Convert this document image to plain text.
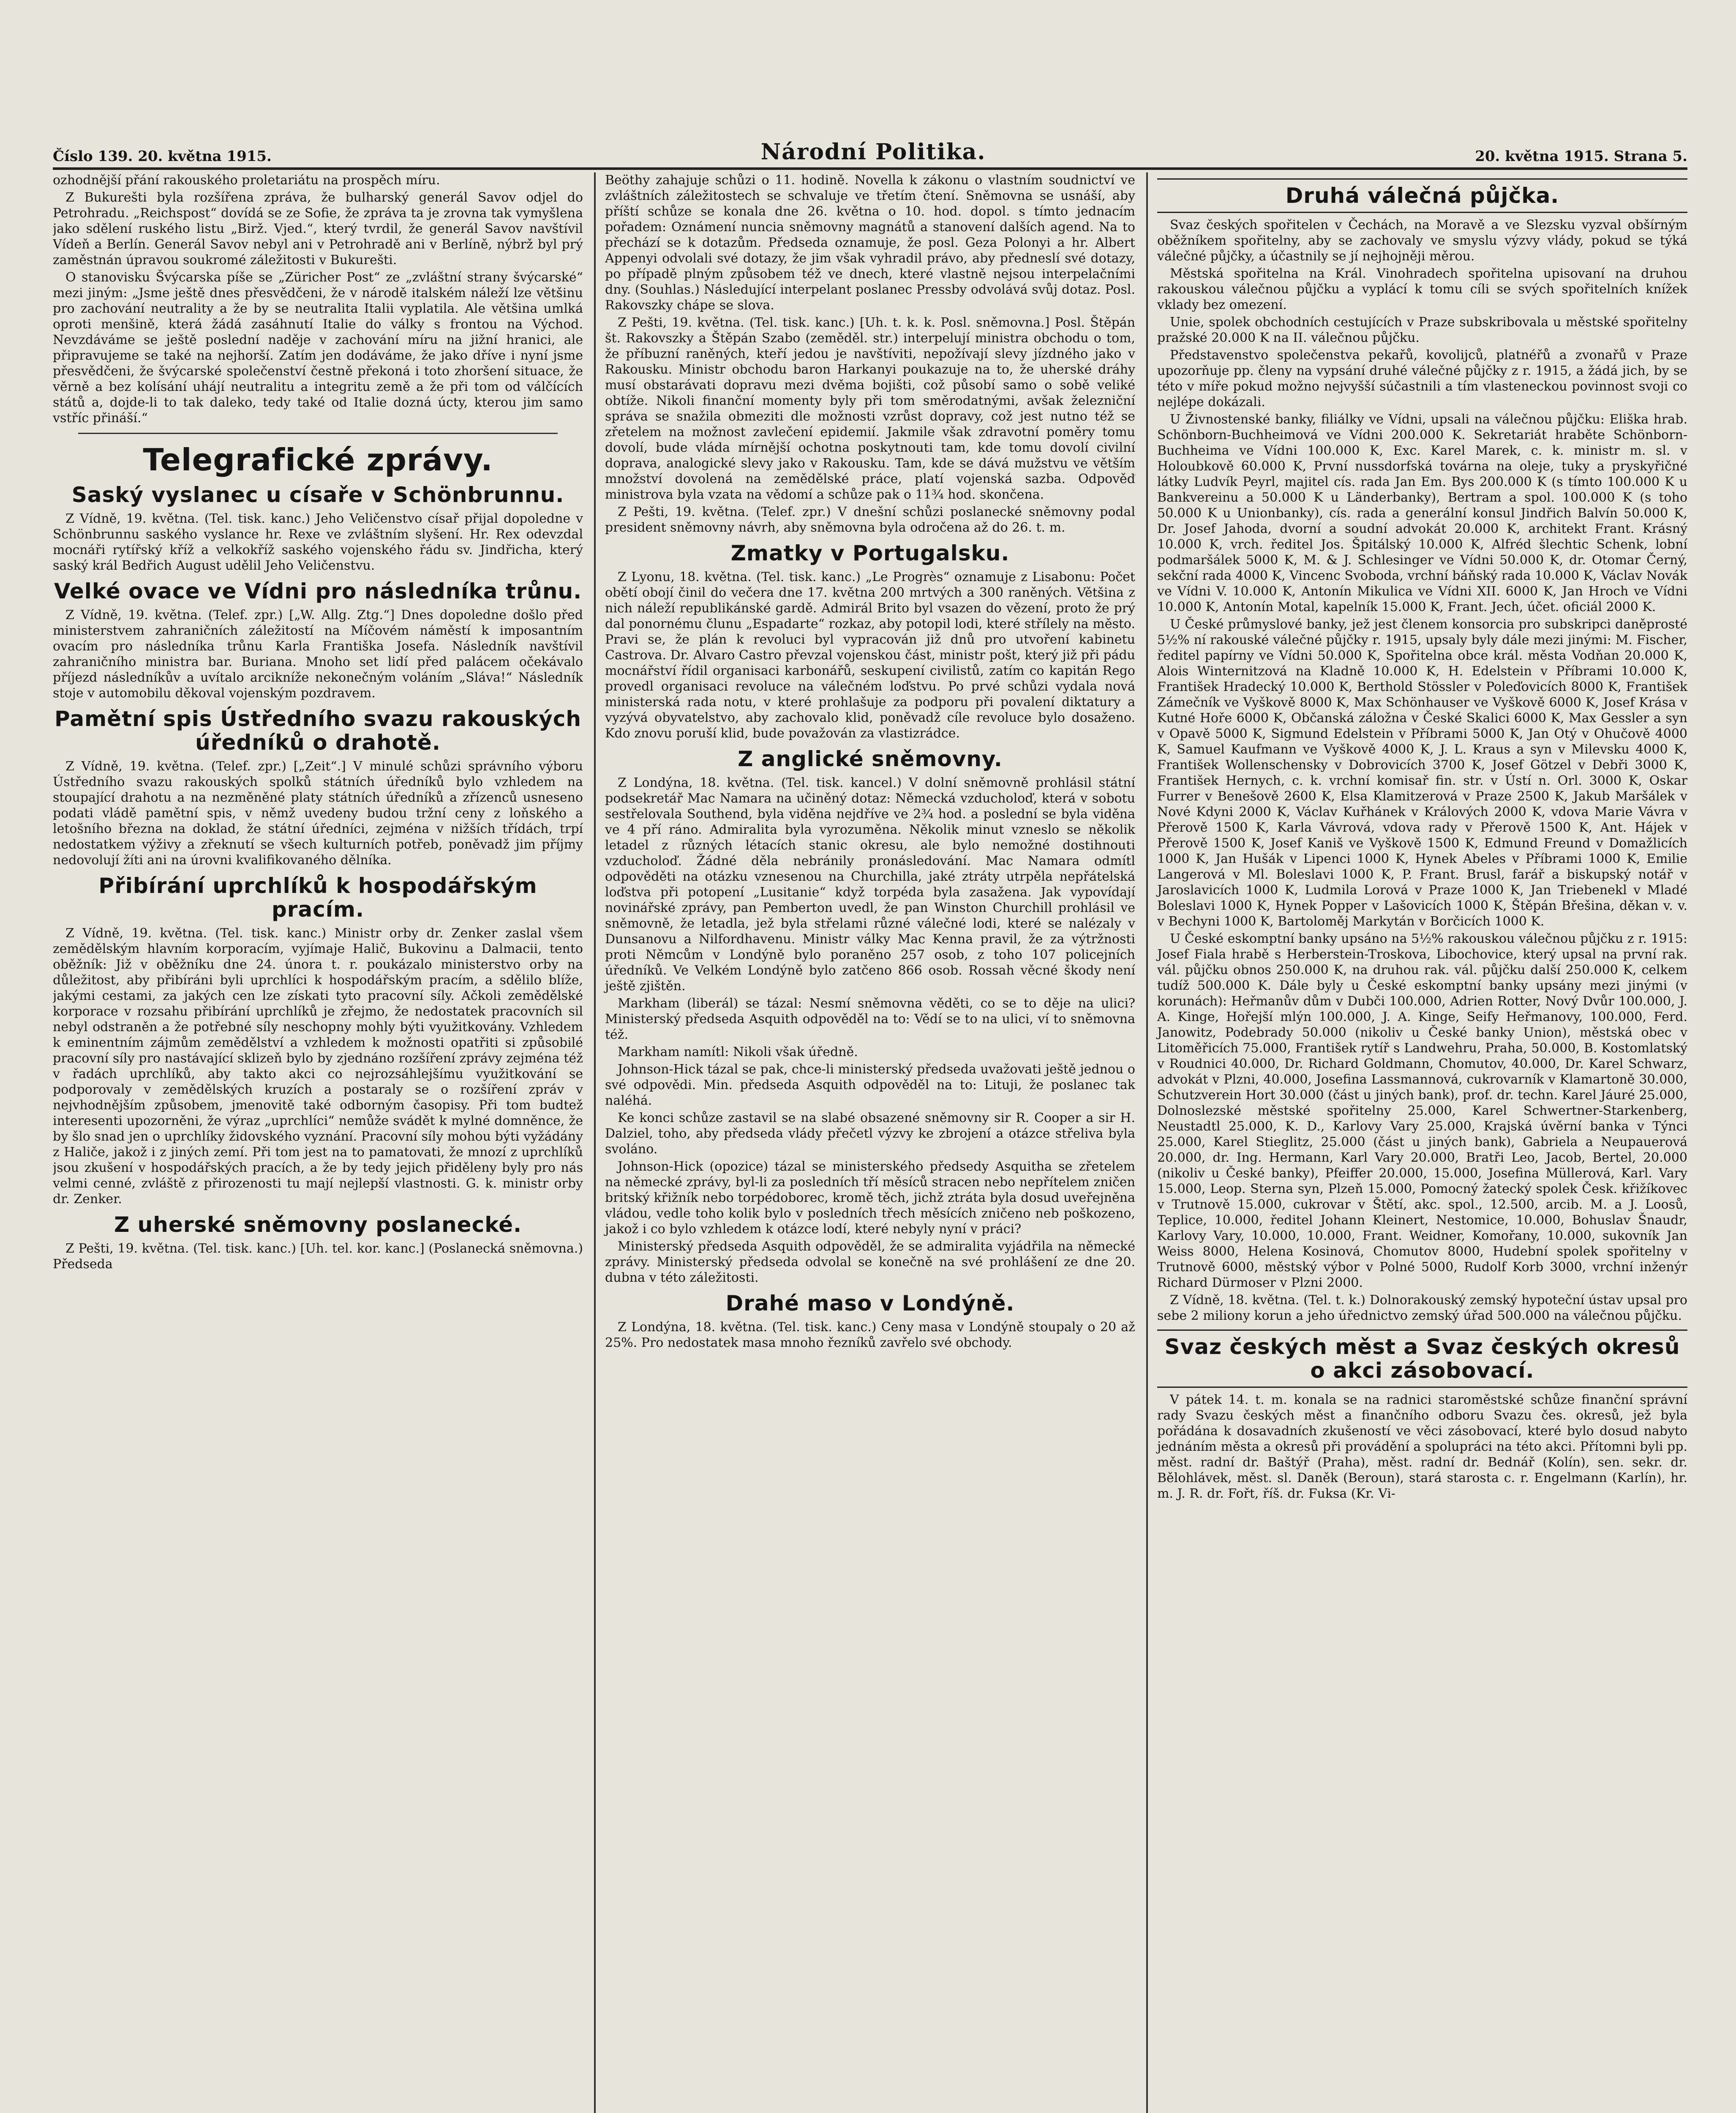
Číslo 139. 20. května 1915.	Národní Politika.	20. května 1915. Strana 5.

ozhodnější přání rakouského proletariátu na prospěch míru.

Z Bukurešti byla rozšířena zpráva, že bulharský generál Savov odjel do Petrohradu. „Reichspost“ dovídá se ze Sofie, že zpráva ta je zrovna tak vymyšlena jako sdělení ruského listu „Birž. Vjed.“, který tvrdil, že generál Savov navštívil Vídeň a Berlín. Generál Savov nebyl ani v Petrohradě ani v Berlíně, nýbrž byl prý zaměstnán úpravou soukromé záležitosti v Bukurešti.

O stanovisku Švýcarska píše se „Züricher Post“ ze „zvláštní strany švýcarské“ mezi jiným: „Jsme ještě dnes přesvědčeni, že v národě italském náleží lze většinu pro zachování neutrality a že by se neutralita Italii vyplatila. Ale většina umlká oproti menšině, která žádá zasáhnutí Italie do války s frontou na Východ. Nevzdáváme se ještě poslední naděje v zachování míru na jižní hranici, ale připravujeme se také na nejhorší. Zatím jen dodáváme, že jako dříve i nyní jsme přesvědčeni, že švýcarské společenství čestně překoná i toto zhoršení situace, že věrně a bez kolísání uhájí neutralitu a integritu země a že při tom od válčících států a, dojde-li to tak daleko, tedy také od Italie dozná úcty, kterou jim samo vstříc přináší.“

Telegrafické zprávy.
Saský vyslanec u císaře v Schönbrunnu.

Z Vídně, 19. května. (Tel. tisk. kanc.) Jeho Veličenstvo císař přijal dopoledne v Schönbrunnu saského vyslance hr. Rexe ve zvláštním slyšení. Hr. Rex odevzdal mocnáři rytířský kříž a velkokříž saského vojenského řádu sv. Jindřicha, který saský král Bedřich August udělil Jeho Veličenstvu.

Velké ovace ve Vídni pro následníka trůnu.

Z Vídně, 19. května. (Telef. zpr.) [„W. Allg. Ztg.“] Dnes dopoledne došlo před ministerstvem zahraničních záležitostí na Míčovém náměstí k imposantním ovacím pro následníka trůnu Karla Františka Josefa. Následník navštívil zahraničního ministra bar. Buriana. Mnoho set lidí před palácem očekávalo příjezd následníkův a uvítalo arcikníže nekonečným voláním „Sláva!“ Následník stoje v automobilu děkoval vojenským pozdravem.

Pamětní spis Ústředního svazu rakouských úředníků o drahotě.

Z Vídně, 19. května. (Telef. zpr.) [„Zeit“.] V minulé schůzi správního výboru Ústředního svazu rakouských spolků státních úředníků bylo vzhledem na stoupající drahotu a na nezměněné platy státních úředníků a zřízenců usneseno podati vládě pamětní spis, v němž uvedeny budou tržní ceny z loňského a letošního března na doklad, že státní úředníci, zejména v nižších třídách, trpí nedostatkem výživy a zřeknutí se všech kulturních potřeb, poněvadž jim příjmy nedovolují žíti ani na úrovni kvalifikovaného dělníka.

Přibírání uprchlíků k hospodářským pracím.

Z Vídně, 19. května. (Tel. tisk. kanc.) Ministr orby dr. Zenker zaslal všem zemědělským hlavním korporacím, vyjímaje Halič, Bukovinu a Dalmacii, tento oběžník: Již v oběžníku dne 24. února t. r. poukázalo ministerstvo orby na důležitost, aby přibíráni byli uprchlíci k hospodářským pracím, a sdělilo blíže, jakými cestami, za jakých cen lze získati tyto pracovní síly. Ačkoli zemědělské korporace v rozsahu přibírání uprchlíků je zřejmo, že nedostatek pracovních sil nebyl odstraněn a že potřebné síly neschopny mohly býti využitkovány. Vzhledem k eminentním zájmům zemědělství a vzhledem k možnosti opatřiti si způsobilé pracovní síly pro nastávající sklizeň bylo by zjednáno rozšíření zprávy zejména též v řadách uprchlíků, aby takto akci co nejrozsáhlejšímu využitkování se podporovaly v zemědělských kruzích a postaraly se o rozšíření zpráv v nejvhodnějším způsobem, jmenovitě také odborným časopisy. Při tom budtež interesenti upozorněni, že výraz „uprchlíci“ nemůže svádět k mylné domněnce, že by šlo snad jen o uprchlíky židovského vyznání. Pracovní síly mohou býti vyžádány z Haliče, jakož i z jiných zemí. Při tom jest na to pamatovati, že mnozí z uprchlíků jsou zkušení v hospodářských pracích, a že by tedy jejich přiděleny byly pro nás velmi cenné, zvláště z přirozenosti tu mají nejlepší vlastnosti. G. k. ministr orby dr. Zenker.

Z uherské sněmovny poslanecké.

Z Pešti, 19. května. (Tel. tisk. kanc.) [Uh. tel. kor. kanc.] (Poslanecká sněmovna.) Předseda

Beöthy zahajuje schůzi o 11. hodině. Novella k zákonu o vlastním soudnictví ve zvláštních záležitostech se schvaluje ve třetím čtení. Sněmovna se usnáší, aby příští schůze se konala dne 26. května o 10. hod. dopol. s tímto jednacím pořadem: Oznámení nuncia sněmovny magnátů a stanovení dalších agend. Na to přechází se k dotazům. Předseda oznamuje, že posl. Geza Polonyi a hr. Albert Appenyi odvolali své dotazy, že jim však vyhradil právo, aby předneslí své dotazy, po případě plným způsobem též ve dnech, které vlastně nejsou interpelačními dny. (Souhlas.) Následující interpelant poslanec Pressby odvolává svůj dotaz. Posl. Rakovszky chápe se slova.

Z Pešti, 19. května. (Tel. tisk. kanc.) [Uh. t. k. k. Posl. sněmovna.] Posl. Štěpán št. Rakovszky a Štěpán Szabo (zeměděl. str.) interpelují ministra obchodu o tom, že příbuzní raněných, kteří jedou je navštíviti, nepožívají slevy jízdného jako v Rakousku. Ministr obchodu baron Harkanyi poukazuje na to, že uherské dráhy musí obstarávati dopravu mezi dvěma bojišti, což působí samo o sobě veliké obtíže. Nikoli finanční momenty byly při tom směrodatnými, avšak železniční správa se snažila obmeziti dle možnosti vzrůst dopravy, což jest nutno též se zřetelem na možnost zavlečení epidemií. Jakmile však zdravotní poměry tomu dovolí, bude vláda mírnější ochotna poskytnouti tam, kde tomu dovolí civilní doprava, analogické slevy jako v Rakousku. Tam, kde se dává mužstvu ve větším množství dovolená na zemědělské práce, platí vojenská sazba. Odpověď ministrova byla vzata na vědomí a schůze pak o 11¾ hod. skončena.

Z Pešti, 19. května. (Telef. zpr.) V dnešní schůzi poslanecké sněmovny podal president sněmovny návrh, aby sněmovna byla odročena až do 26. t. m.

Zmatky v Portugalsku.

Z Lyonu, 18. května. (Tel. tisk. kanc.) „Le Progrès“ oznamuje z Lisabonu: Počet obětí obojí činil do večera dne 17. května 200 mrtvých a 300 raněných. Většina z nich náleží republikánské gardě. Admirál Brito byl vsazen do vězení, proto že prý dal ponornému člunu „Espadarte“ rozkaz, aby potopil lodi, které střílely na město. Pravi se, že plán k revoluci byl vypracován již dnů pro utvoření kabinetu Castrova. Dr. Alvaro Castro převzal vojenskou část, ministr pošt, který již při pádu mocnářství řídil organisaci karbonářů, seskupení civilistů, zatím co kapitán Rego provedl organisaci revoluce na válečném loďstvu. Po prvé schůzi vydala nová ministerská rada notu, v které prohlašuje za podporu při povalení diktatury a vyzývá obyvatelstvo, aby zachovalo klid, poněvadž cíle revoluce bylo dosaženo. Kdo znovu poruší klid, bude považován za vlastizrádce.

Z anglické sněmovny.

Z Londýna, 18. května. (Tel. tisk. kancel.) V dolní sněmovně prohlásil státní podsekretář Mac Namara na učiněný dotaz: Německá vzducholoď, která v sobotu sestřelovala Southend, byla viděna nejdříve ve 2¾ hod. a poslední se byla viděna ve 4 pří ráno. Admiralita byla vyrozuměna. Několik minut vzneslo se několik letadel z různých létacích stanic okresu, ale bylo nemožné dostihnouti vzducholoď. Žádné děla nebránily pronásledování. Mac Namara odmítl odpověděti na otázku vznesenou na Churchilla, jaké ztráty utrpěla nepřátelská loďstva při potopení „Lusitanie“ když torpéda byla zasažena. Jak vypovídají novinářské zprávy, pan Pemberton uvedl, že pan Winston Churchill prohlásil ve sněmovně, že letadla, jež byla střelami různé válečné lodi, které se nalézaly v Dunsanovu a Nilfordhavenu. Ministr války Mac Kenna pravil, že za výtržnosti proti Němcům v Londýně bylo poraněno 257 osob, z toho 107 policejních úředníků. Ve Velkém Londýně bylo zatčeno 866 osob. Rossah věcné škody není ještě zjištěn.

Markham (liberál) se tázal: Nesmí sněmovna věděti, co se to děje na ulici? Ministerský předseda Asquith odpověděl na to: Vědí se to na ulici, ví to sněmovna též.

Markham namítl: Nikoli však úředně.

Johnson-Hick tázal se pak, chce-li ministerský předseda uvažovati ještě jednou o své odpovědi. Min. předseda Asquith odpověděl na to: Lituji, že poslanec tak naléhá.

Ke konci schůze zastavil se na slabé obsazené sněmovny sir R. Cooper a sir H. Dalziel, toho, aby předseda vlády přečetl výzvy ke zbrojení a otázce střeliva byla svoláno.

Johnson-Hick (opozice) tázal se ministerského předsedy Asquitha se zřetelem na německé zprávy, byl-li za posledních tří měsíců stracen nebo nepřítelem zničen britský křižník nebo torpédoborec, kromě těch, jichž ztráta byla dosud uveřejněna vládou, vedle toho kolik bylo v posledních třech měsících zničeno neb poškozeno, jakož i co bylo vzhledem k otázce lodí, které nebyly nyní v práci?

Ministerský předseda Asquith odpověděl, že se admiralita vyjádřila na německé zprávy. Ministerský předseda odvolal se konečně na své prohlášení ze dne 20. dubna v této záležitosti.

Drahé maso v Londýně.

Z Londýna, 18. května. (Tel. tisk. kanc.) Ceny masa v Londýně stoupaly o 20 až 25%. Pro nedostatek masa mnoho řezníků zavřelo své obchody.

Druhá válečná půjčka.

Svaz českých spořitelen v Čechách, na Moravě a ve Slezsku vyzval obšírným oběžníkem spořitelny, aby se zachovaly ve smyslu výzvy vlády, pokud se týká válečné půjčky, a účastnily se jí nejhojněji měrou.

Městská spořitelna na Král. Vinohradech spořitelna upisovaní na druhou rakouskou válečnou půjčku a vyplácí k tomu cíli se svých spořitelních knížek vklady bez omezení.

Unie, spolek obchodních cestujících v Praze subskribovala u městské spořitelny pražské 20.000 K na II. válečnou půjčku.

Představenstvo společenstva pekařů, kovolijců, platnéřů a zvonařů v Praze upozorňuje pp. členy na vypsání druhé válečné půjčky z r. 1915, a žádá jich, by se této v míře pokud možno nejvyšší súčastnili a tím vlasteneckou povinnost svoji co nejlépe dokázali.

U Živnostenské banky, filiálky ve Vídni, upsali na válečnou půjčku: Eliška hrab. Schönborn-Buchheimová ve Vídni 200.000 K. Sekretariát hraběte Schönborn-Buchheima ve Vídni 100.000 K, Exc. Karel Marek, c. k. ministr m. sl. v Holoubkově 60.000 K, První nussdorfská továrna na oleje, tuky a pryskyřičné látky Ludvík Peyrl, majitel cís. rada Jan Em. Bys 200.000 K (s tímto 100.000 K u Bankvereinu a 50.000 K u Länderbanky), Bertram a spol. 100.000 K (s toho 50.000 K u Unionbanky), cís. rada a generální konsul Jindřich Balvín 50.000 K, Dr. Josef Jahoda, dvorní a soudní advokát 20.000 K, architekt Frant. Krásný 10.000 K, vrch. ředitel Jos. Špitálský 10.000 K, Alfréd šlechtic Schenk, lobní podmaršálek 5000 K, M. & J. Schlesinger ve Vídni 50.000 K, dr. Otomar Černý, sekční rada 4000 K, Vincenc Svoboda, vrchní báňský rada 10.000 K, Václav Novák ve Vídni V. 10.000 K, Antonín Mikulica ve Vídni XII. 6000 K, Jan Hroch ve Vídni 10.000 K, Antonín Motal, kapelník 15.000 K, Frant. Jech, účet. oficiál 2000 K.

U České průmyslové banky, jež jest členem konsorcia pro subskripci daněprosté 5½% ní rakouské válečné půjčky r. 1915, upsaly byly dále mezi jinými: M. Fischer, ředitel papírny ve Vídni 50.000 K, Spořitelna obce král. města Vodňan 20.000 K, Alois Winternitzová na Kladně 10.000 K, H. Edelstein v Příbrami 10.000 K, František Hradecký 10.000 K, Berthold Stössler v Poleďovicích 8000 K, František Zámečník ve Vyškově 8000 K, Max Schönhauser ve Vyškově 6000 K, Josef Krása v Kutné Hoře 6000 K, Občanská záložna v České Skalici 6000 K, Max Gessler a syn v Opavě 5000 K, Sigmund Edelstein v Příbrami 5000 K, Jan Otý v Ohučově 4000 K, Samuel Kaufmann ve Vyškově 4000 K, J. L. Kraus a syn v Milevsku 4000 K, František Wollenschensky v Dobrovicích 3700 K, Josef Götzel v Debři 3000 K, František Hernych, c. k. vrchní komisař fin. str. v Ústí n. Orl. 3000 K, Oskar Furrer v Benešově 2600 K, Elsa Klamitzerová v Praze 2500 K, Jakub Maršálek v Nové Kdyni 2000 K, Václav Kuřhánek v Králových 2000 K, vdova Marie Vávra v Přerově 1500 K, Karla Vávrová, vdova rady v Přerově 1500 K, Ant. Hájek v Přerově 1500 K, Josef Kaniš ve Vyškově 1500 K, Edmund Freund v Domažlicích 1000 K, Jan Hušák v Lipenci 1000 K, Hynek Abeles v Příbrami 1000 K, Emilie Langerová v Ml. Boleslavi 1000 K, P. Frant. Brusl, farář a biskupský notář v Jaroslavicích 1000 K, Ludmila Lorová v Praze 1000 K, Jan Triebenekl v Mladé Boleslavi 1000 K, Hynek Popper v Lašovicích 1000 K, Štěpán Břešina, děkan v. v. v Bechyni 1000 K, Bartoloměj Markytán v Borčicích 1000 K.

U České eskomptní banky upsáno na 5½% rakouskou válečnou půjčku z r. 1915: Josef Fiala hrabě s Herberstein-Troskova, Libochovice, který upsal na první rak. vál. půjčku obnos 250.000 K, na druhou rak. vál. půjčku další 250.000 K, celkem tudíž 500.000 K. Dále byly u České eskomptní banky upsány mezi jinými (v korunách): Heřmanův dům v Dubči 100.000, Adrien Rotter, Nový Dvůr 100.000, J. A. Kinge, Hořejší mlýn 100.000, J. A. Kinge, Seify Heřmanovy, 100.000, Ferd. Janowitz, Podebrady 50.000 (nikoliv u České banky Union), městská obec v Litoměřicích 75.000, František rytíř s Landwehru, Praha, 50.000, B. Kostomlatský v Roudnici 40.000, Dr. Richard Goldmann, Chomutov, 40.000, Dr. Karel Schwarz, advokát v Plzni, 40.000, Josefina Lassmannová, cukrovarník v Klamartoně 30.000, Schutzverein Hort 30.000 (část u jiných bank), prof. dr. techn. Karel Jáuré 25.000, Dolnoslezské městské spořitelny 25.000, Karel Schwertner-Starkenberg, Neustadtl 25.000, K. D., Karlovy Vary 25.000, Krajská úvěrní banka v Týnci 25.000, Karel Stieglitz, 25.000 (část u jiných bank), Gabriela a Neupauerová 20.000, dr. Ing. Hermann, Karl Vary 20.000, Bratři Leo, Jacob, Bertel, 20.000 (nikoliv u České banky), Pfeiffer 20.000, 15.000, Josefina Müllerová, Karl. Vary 15.000, Leop. Sterna syn, Plzeň 15.000, Pomocný žatecký spolek Česk. křižíkovec v Trutnově 15.000, cukrovar v Štětí, akc. spol., 12.500, arcib. M. a J. Loosů, Teplice, 10.000, ředitel Johann Kleinert, Nestomice, 10.000, Bohuslav Šnaudr, Karlovy Vary, 10.000, 10.000, Frant. Weidner, Komořany, 10.000, sukovník Jan Weiss 8000, Helena Kosinová, Chomutov 8000, Hudební spolek spořitelny v Trutnově 6000, městský výbor v Polné 5000, Rudolf Korb 3000, vrchní inženýr Richard Dürmoser v Plzni 2000.

Z Vídně, 18. května. (Tel. t. k.) Dolnorakouský zemský hypoteční ústav upsal pro sebe 2 miliony korun a jeho úřednictvo zemský úřad 500.000 na válečnou půjčku.

Svaz českých měst a Svaz českých okresů o akci zásobovací.

V pátek 14. t. m. konala se na radnici staroměstské schůze finanční správní rady Svazu českých měst a finančního odboru Svazu čes. okresů, jež byla pořádána k dosavadních zkušeností ve věci zásobovací, které bylo dosud nabyto jednáním města a okresů při provádění a spolupráci na této akci. Přítomni byli pp. měst. radní dr. Baštýř (Praha), měst. radní dr. Bednář (Kolín), sen. sekr. dr. Bělohlávek, měst. sl. Daněk (Beroun), stará starosta c. r. Engelmann (Karlín), hr. m. J. R. dr. Fořt, říš. dr. Fuksa (Kr. Vi-
